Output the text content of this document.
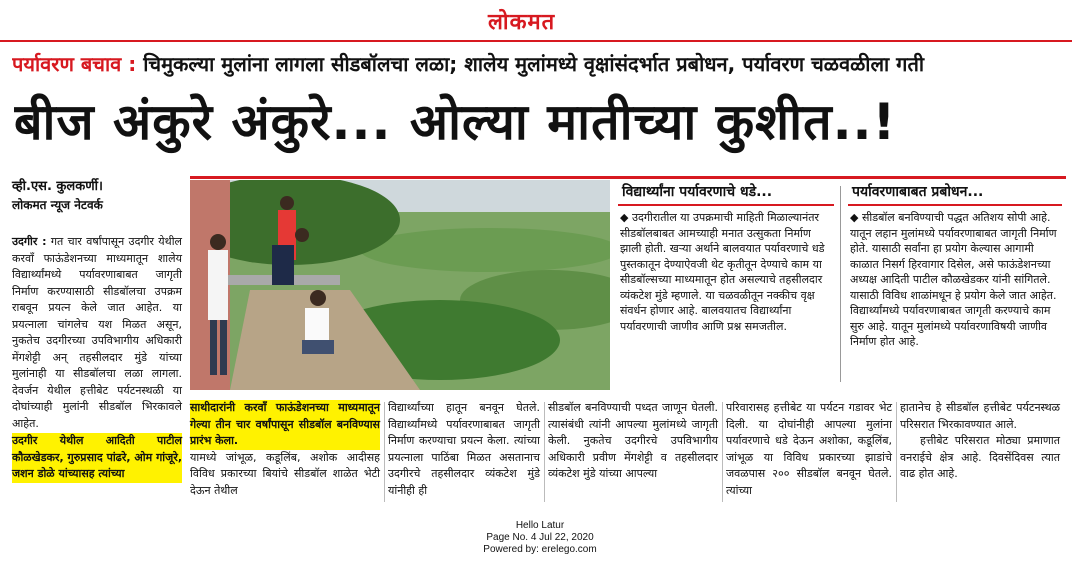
लोकमत
पर्यावरण बचाव : चिमुकल्या मुलांना लागला सीडबॉलचा लळा; शालेय मुलांमध्ये वृक्षांसंदर्भात प्रबोधन, पर्यावरण चळवळीला गती
बीज अंकुरे अंकुरे... ओल्या मातीच्या कुशीत..!
व्ही.एस. कुलकर्णी।
लोकमत न्यूज नेटवर्क
उदगीर : गत चार वर्षांपासून उदगीर येथील करवाँ फाऊंडेशनच्या माध्यमातून शालेय विद्यार्थ्यांमध्ये पर्यावरणाबाबत जागृती निर्माण करण्यासाठी सीडबॉलचा उपक्रम राबवून प्रयत्न केले जात आहेत. या प्रयत्नाला चांगलेच यश मिळत असून, नुकतेच उदगीरच्या उपविभागीय अधिकारी मेंगशेट्टी अन् तहसीलदार मुंडे यांच्या मुलांनाही या सीडबॉलचा लळा लागला. देवर्जन येथील हत्तीबेट पर्यटनस्थळी या दोघांच्याही मुलांनी सीडबॉल भिरकावले आहेत.
उदगीर येथील आदिती पाटील कौळखेडकर, गुरुप्रसाद पांढरे, ओम गांजूरे, जशन डोळे यांच्यासह त्यांच्या
विद्यार्थ्यांना पर्यावरणाचे धडे...

◆ उदगीरातील या उपक्रमाची माहिती मिळाल्यानंतर सीडबॉलबाबत आमच्याही मनात उत्सुकता निर्माण झाली होती. खऱ्या अर्थाने बालवयात पर्यावरणाचे धडे पुस्तकातून देण्याऐवजी थेट कृतीतून देण्याचे काम या सीडबॉल्सच्या माध्यमातून होत असल्याचे तहसीलदार व्यंकटेश मुंडे म्हणाले. या चळवळीतून नक्कीच वृक्ष संवर्धन होणार आहे. बालवयातच विद्यार्थ्यांना पर्यावरणाची जाणीव आणि प्रश्न समजतील.

पर्यावरणाबाबत प्रबोधन...

◆ सीडबॉल बनविण्याची पद्धत अतिशय सोपी आहे. यातून लहान मुलांमध्ये पर्यावरणाबाबत जागृती निर्माण होते. यासाठी सर्वांना हा प्रयोग केल्यास आगामी काळात निसर्ग हिरवागार दिसेल, असे फाऊंडेशनच्या अध्यक्ष आदिती पाटील कौळखेडकर यांनी सांगितले. यासाठी विविध शाळांमधून हे प्रयोग केले जात आहेत. विद्यार्थ्यांमध्ये पर्यावरणाबाबत जागृती करण्याचे काम सुरु आहे. यातून मुलांमध्ये पर्यावरणाविषयी जाणीव निर्माण होत आहे.

साथीदारांनी करवाँ फाऊंडेशनच्या माध्यमातून गेल्या तीन चार वर्षांपासून सीडबॉल बनविण्यास प्रारंभ केला.
यामध्ये जांभूळ, कडूलिंब, अशोक आदीसह विविध प्रकारच्या बियांचे सीडबॉल शाळेत भेटी देऊन तेथील
विद्यार्थ्यांच्या हातून बनवून घेतले. विद्यार्थ्यांमध्ये पर्यावरणाबाबत जागृती निर्माण करण्याचा प्रयत्न केला. त्यांच्या प्रयत्नाला पाठिंबा मिळत असतानाच उदगीरचे तहसीलदार व्यंकटेश मुंडे यांनीही ही
सीडबॉल बनविण्याची पध्दत जाणून घेतली. त्यासंबंधी त्यांनी आपल्या मुलांमध्ये जागृती केली. नुकतेच उदगीरचे उपविभागीय अधिकारी प्रवीण मेंगशेट्टी व तहसीलदार व्यंकटेश मुंडे यांच्या आपल्या
परिवारासह हत्तीबेट या पर्यटन गडावर भेट दिली. या दोघांनीही आपल्या मुलांना पर्यावरणाचे धडे देऊन अशोका, कडूलिंब, जांभूळ या विविध प्रकारच्या झाडांचे जवळपास २०० सीडबॉल बनवून घेतले. त्यांच्या
हातानेच हे सीडबॉल हत्तीबेट पर्यटनस्थळ परिसरात भिरकावण्यात आले.
हत्तीबेट परिसरात मोठ्या प्रमाणात वनराईचे क्षेत्र आहे. दिवसेंदिवस त्यात वाढ होत आहे.
Hello Latur
Page No. 4 Jul 22, 2020
Powered by: erelego.com
